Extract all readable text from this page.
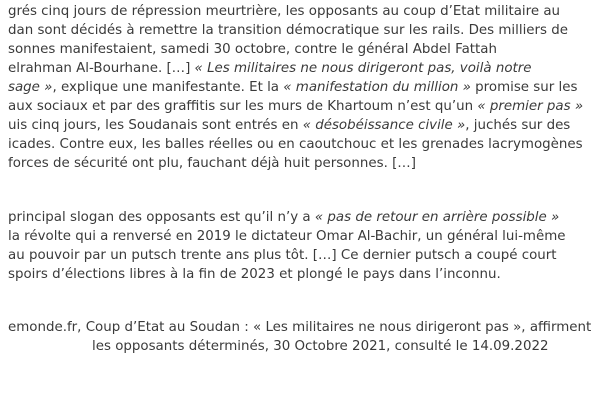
grés cinq jours de répression meurtrière, les opposants au coup d’Etat militaire au
dan sont décidés à remettre la transition démocratique sur les rails. Des milliers de
sonnes manifestaient, samedi 30 octobre, contre le général Abdel Fattah
elrahman Al-Bourhane. […] « Les militaires ne nous dirigeront pas, voilà notre
sage », explique une manifestante. Et la « manifestation du million » promise sur les
aux sociaux et par des graffitis sur les murs de Khartoum n’est qu’un « premier pas »
uis cinq jours, les Soudanais sont entrés en « désobéissance civile », juchés sur des
icades. Contre eux, les balles réelles ou en caoutchouc et les grenades lacrymogènes
forces de sécurité ont plu, fauchant déjà huit personnes. […]
principal slogan des opposants est qu’il n’y a « pas de retour en arrière possible »
la révolte qui a renversé en 2019 le dictateur Omar Al-Bachir, un général lui-même
au pouvoir par un putsch trente ans plus tôt. […] Ce dernier putsch a coupé court
spoirs d’élections libres à la fin de 2023 et plongé le pays dans l’inconnu.
emonde.fr, Coup d’Etat au Soudan : « Les militaires ne nous dirigeront pas », affirment
les opposants déterminés, 30 Octobre 2021, consulté le 14.09.2022
